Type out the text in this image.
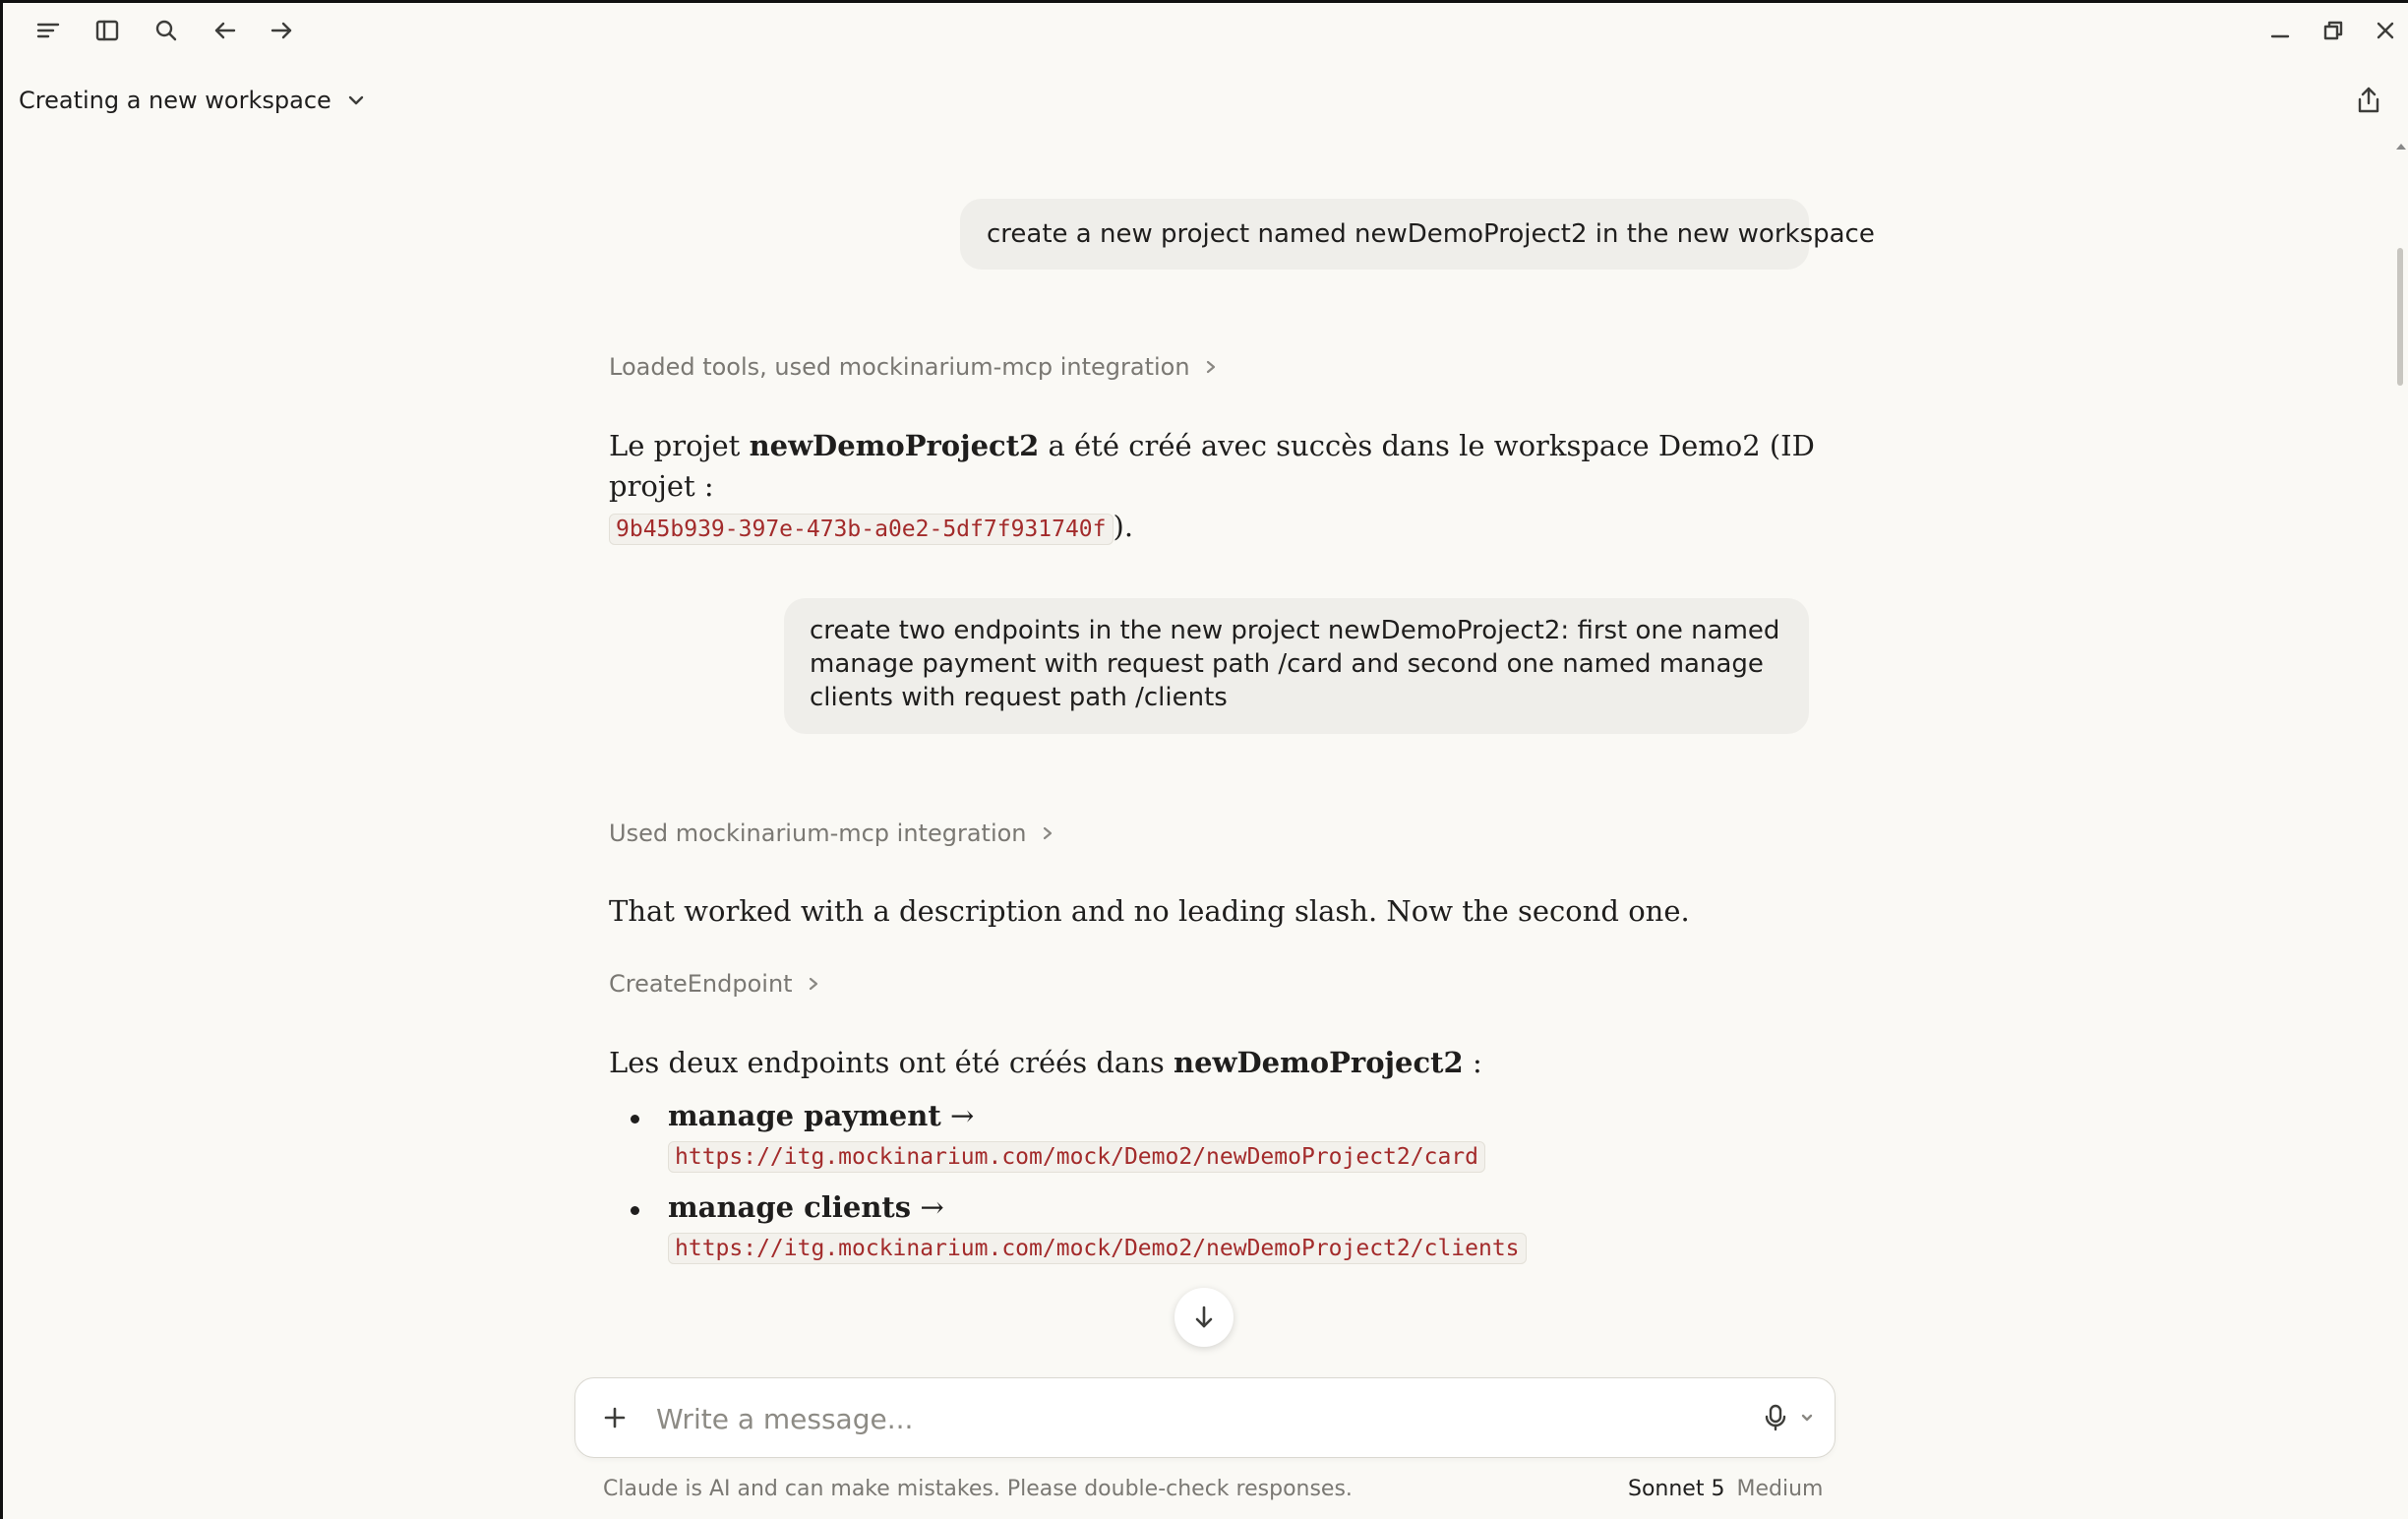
Creating a new workspace
create a new project named newDemoProject2 in the new workspace
Loaded tools, used mockinarium-mcp integration
Le projet newDemoProject2 a été créé avec succès dans le workspace Demo2 (ID projet :
9b45b939-397e-473b-a0e2-5df7f931740f ).
create two endpoints in the new project newDemoProject2: first one named manage payment with request path /card and second one named manage clients with request path /clients
Used mockinarium-mcp integration
That worked with a description and no leading slash. Now the second one.
CreateEndpoint
Les deux endpoints ont été créés dans newDemoProject2 :
manage payment →
https://itg.mockinarium.com/mock/Demo2/newDemoProject2/card
manage clients →
https://itg.mockinarium.com/mock/Demo2/newDemoProject2/clients
Write a message...
Claude is AI and can make mistakes. Please double-check responses.	Sonnet 5 Medium
